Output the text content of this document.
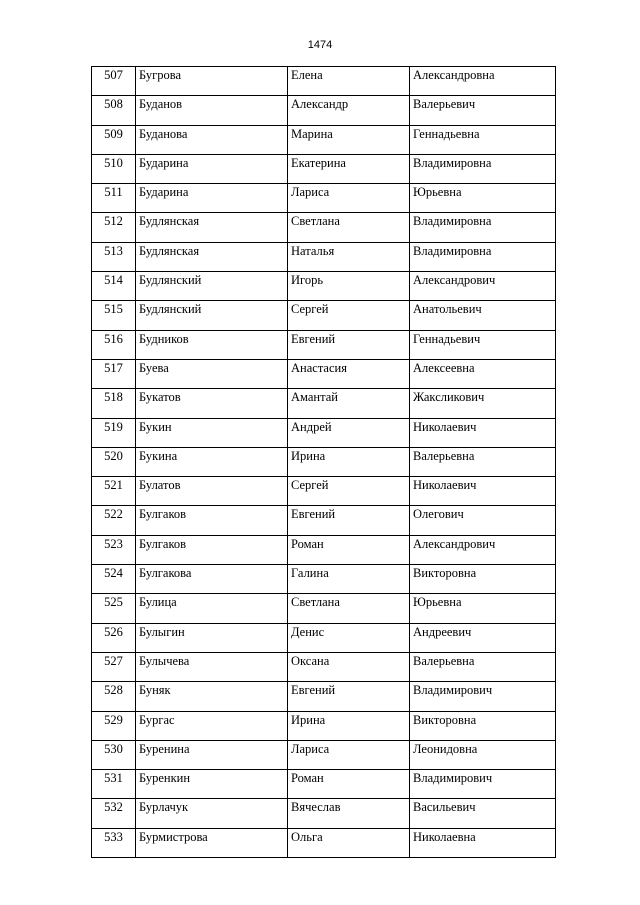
1474
507	Бугрова	Елена	Александровна
508	Буданов	Александр	Валерьевич
509	Буданова	Марина	Геннадьевна
510	Бударина	Екатерина	Владимировна
511	Бударина	Лариса	Юрьевна
512	Будлянская	Светлана	Владимировна
513	Будлянская	Наталья	Владимировна
514	Будлянский	Игорь	Александрович
515	Будлянский	Сергей	Анатольевич
516	Будников	Евгений	Геннадьевич
517	Буева	Анастасия	Алексеевна
518	Букатов	Амантай	Жаксликович
519	Букин	Андрей	Николаевич
520	Букина	Ирина	Валерьевна
521	Булатов	Сергей	Николаевич
522	Булгаков	Евгений	Олегович
523	Булгаков	Роман	Александрович
524	Булгакова	Галина	Викторовна
525	Булица	Светлана	Юрьевна
526	Булыгин	Денис	Андреевич
527	Булычева	Оксана	Валерьевна
528	Буняк	Евгений	Владимирович
529	Бургас	Ирина	Викторовна
530	Буренина	Лариса	Леонидовна
531	Буренкин	Роман	Владимирович
532	Бурлачук	Вячеслав	Васильевич
533	Бурмистрова	Ольга	Николаевна
